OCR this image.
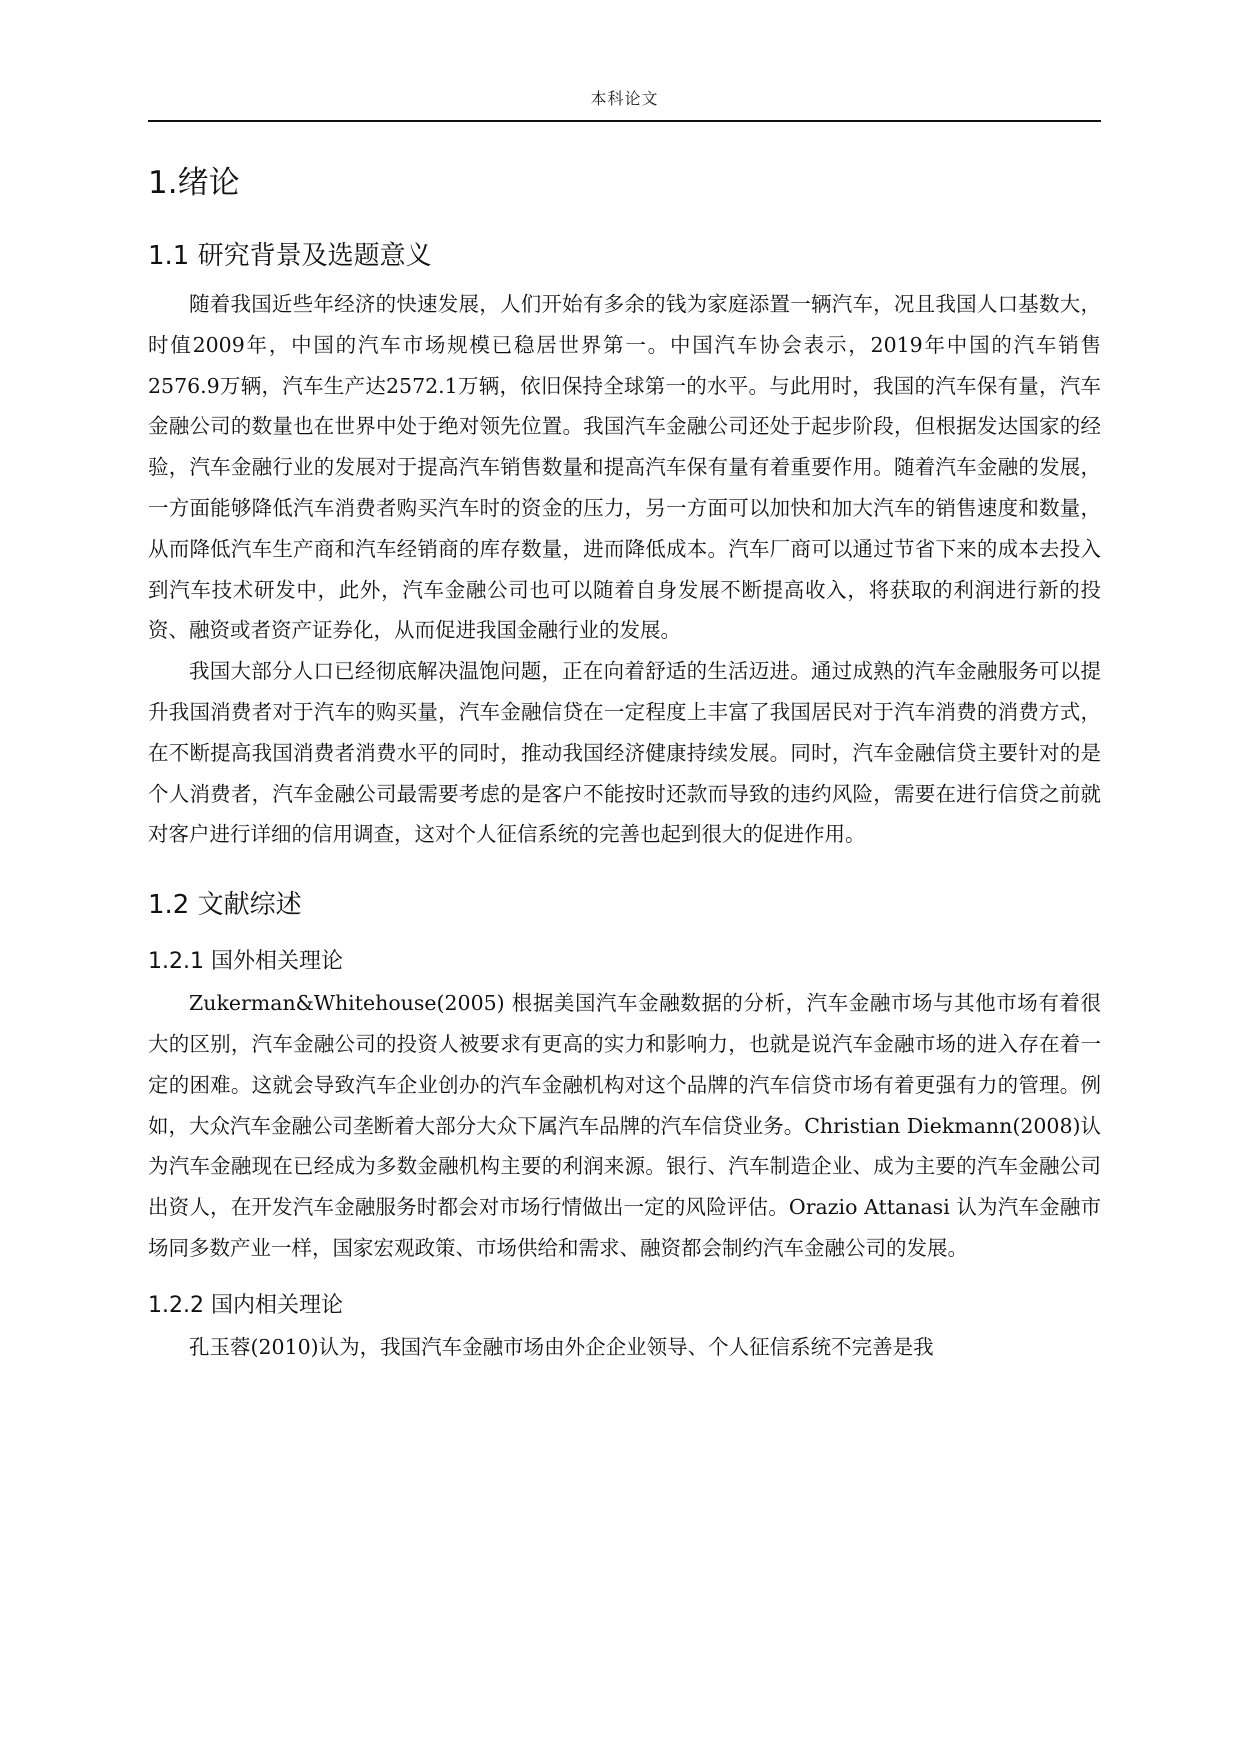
本科论文
1.绪论
1.1 研究背景及选题意义

随着我国近些年经济的快速发展，人们开始有多余的钱为家庭添置一辆汽车，况且我国人口基数大，时值2009年，中国的汽车市场规模已稳居世界第一。中国汽车协会表示，2019年中国的汽车销售2576.9万辆，汽车生产达2572.1万辆，依旧保持全球第一的水平。与此用时，我国的汽车保有量，汽车金融公司的数量也在世界中处于绝对领先位置。我国汽车金融公司还处于起步阶段，但根据发达国家的经验，汽车金融行业的发展对于提高汽车销售数量和提高汽车保有量有着重要作用。随着汽车金融的发展，一方面能够降低汽车消费者购买汽车时的资金的压力，另一方面可以加快和加大汽车的销售速度和数量，从而降低汽车生产商和汽车经销商的库存数量，进而降低成本。汽车厂商可以通过节省下来的成本去投入到汽车技术研发中，此外，汽车金融公司也可以随着自身发展不断提高收入，将获取的利润进行新的投资、融资或者资产证券化，从而促进我国金融行业的发展。

我国大部分人口已经彻底解决温饱问题，正在向着舒适的生活迈进。通过成熟的汽车金融服务可以提升我国消费者对于汽车的购买量，汽车金融信贷在一定程度上丰富了我国居民对于汽车消费的消费方式，在不断提高我国消费者消费水平的同时，推动我国经济健康持续发展。同时，汽车金融信贷主要针对的是个人消费者，汽车金融公司最需要考虑的是客户不能按时还款而导致的违约风险，需要在进行信贷之前就对客户进行详细的信用调查，这对个人征信系统的完善也起到很大的促进作用。

1.2 文献综述
1.2.1 国外相关理论

Zukerman&Whitehouse(2005) 根据美国汽车金融数据的分析，汽车金融市场与其他市场有着很大的区别，汽车金融公司的投资人被要求有更高的实力和影响力，也就是说汽车金融市场的进入存在着一定的困难。这就会导致汽车企业创办的汽车金融机构对这个品牌的汽车信贷市场有着更强有力的管理。例如，大众汽车金融公司垄断着大部分大众下属汽车品牌的汽车信贷业务。Christian Diekmann(2008)认为汽车金融现在已经成为多数金融机构主要的利润来源。银行、汽车制造企业、成为主要的汽车金融公司出资人，在开发汽车金融服务时都会对市场行情做出一定的风险评估。Orazio Attanasi 认为汽车金融市场同多数产业一样，国家宏观政策、市场供给和需求、融资都会制约汽车金融公司的发展。

1.2.2 国内相关理论

孔玉蓉(2010)认为，我国汽车金融市场由外企企业领导、个人征信系统不完善是我
